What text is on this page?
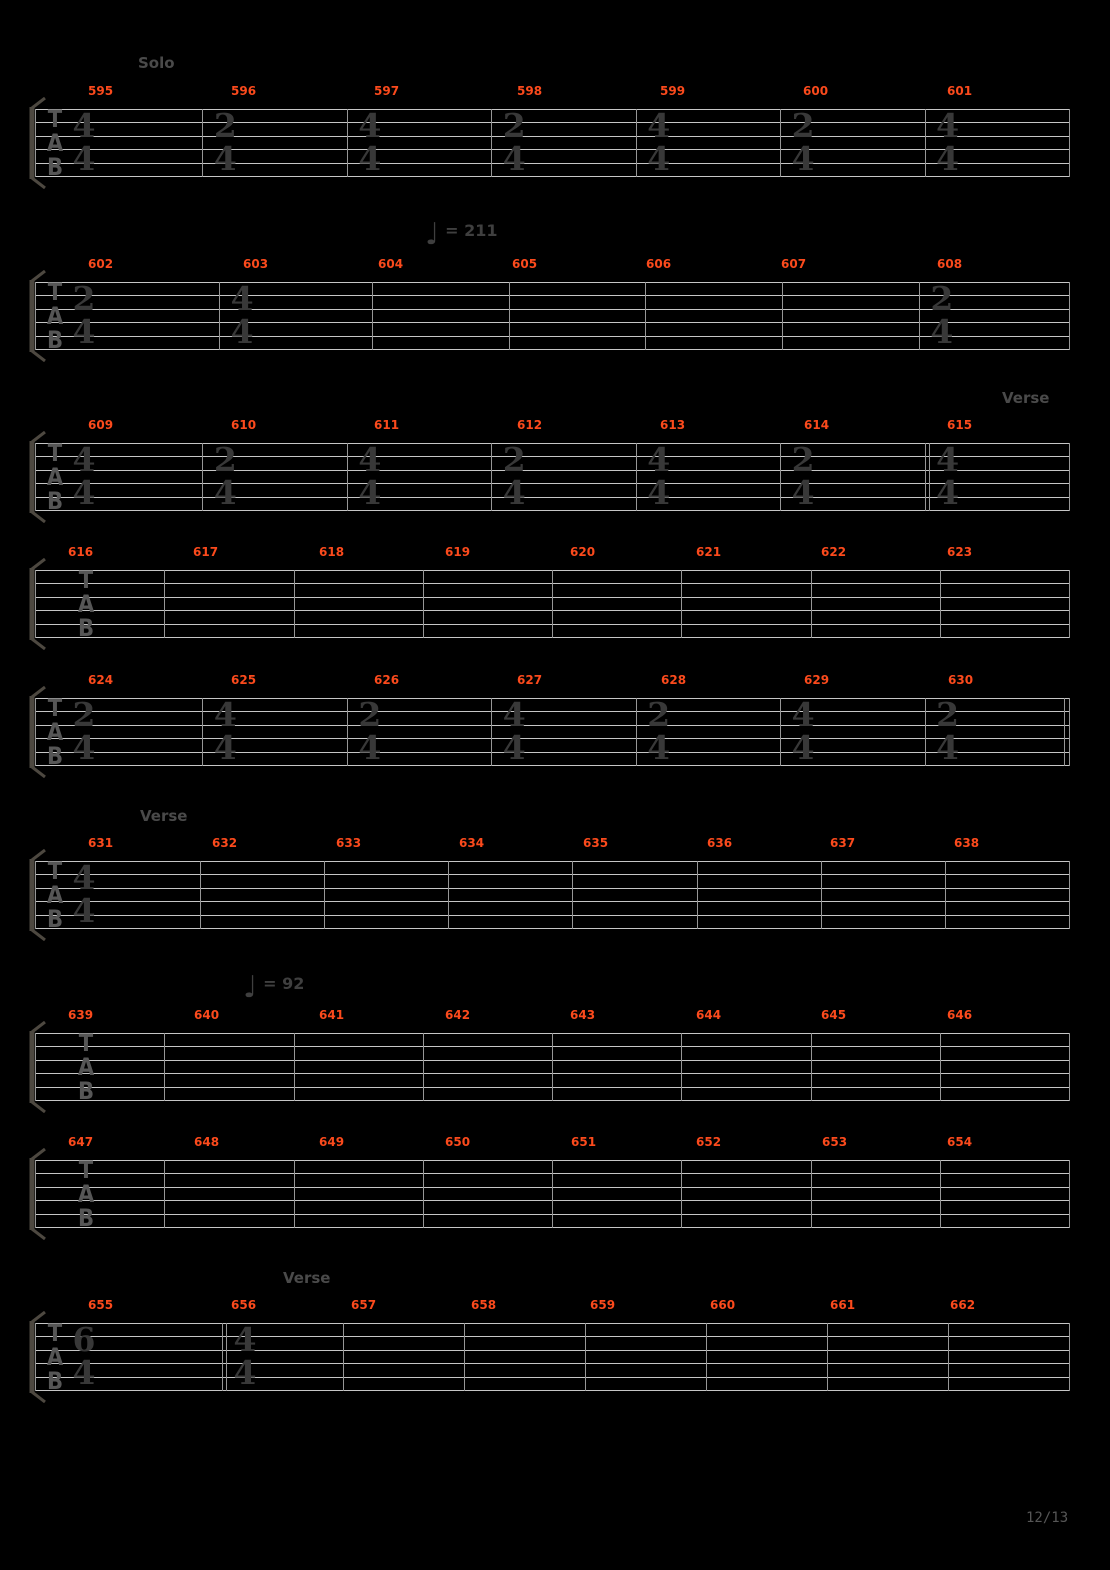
12/13
Solo
4
4
2
4
4
4
2
4
4
4
2
4
4
4
T
A
B
595	596	597	598	599	600	601
♩ = 211
2
4
4
4
2
4
T
A
B
602	603	604	605	606	607	608
Verse
4
4
2
4
4
4
2
4
4
4
2
4
4
4
T
A
B
609	610	611	612	613	614	615
T
A
B
616	617	618	619	620	621	622	623
2
4
4
4
2
4
4
4
2
4
4
4
2
4
T
A
B
624	625	626	627	628	629	630
Verse
4
4
T
A
B
631	632	633	634	635	636	637	638
♩ = 92
T
A
B
639	640	641	642	643	644	645	646
T
A
B
647	648	649	650	651	652	653	654
Verse
6
4
4
4
T
A
B
655	656	657	658	659	660	661	662
